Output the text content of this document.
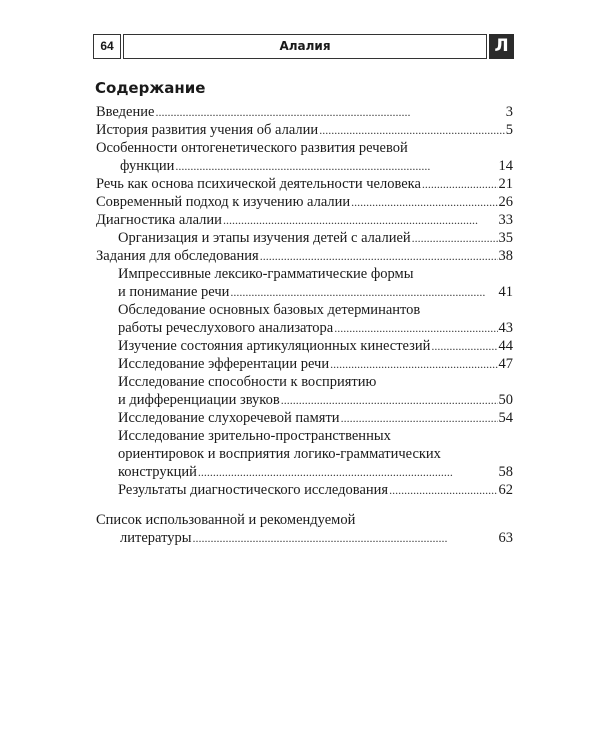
64	Алалия	Л
Содержание
Введение . . .	3
История развития учения об алалии . . .	5
Особенности онтогенетического развития речевой
функции . . .	14
Речь как основа психической деятельности человека . . .	21
Современный подход к изучению алалии . . .	26
Диагностика алалии . . .	33
Организация и этапы изучения детей с алалией . . .	35
Задания для обследования . . .	38
Импрессивные лексико-грамматические формы
и понимание речи . . .	41
Обследование основных базовых детерминантов
работы речеслухового анализатора . . .	43
Изучение состояния артикуляционных кинестезий . . .	44
Исследование эфферентации речи . . .	47
Исследование способности к восприятию
и дифференциации звуков . . .	50
Исследование слухоречевой памяти . . .	54
Исследование зрительно-пространственных
ориентировок и восприятия логико-грамматических
конструкций . . .	58
Результаты диагностического исследования . . .	62
Список использованной и рекомендуемой
литературы . . .	63
